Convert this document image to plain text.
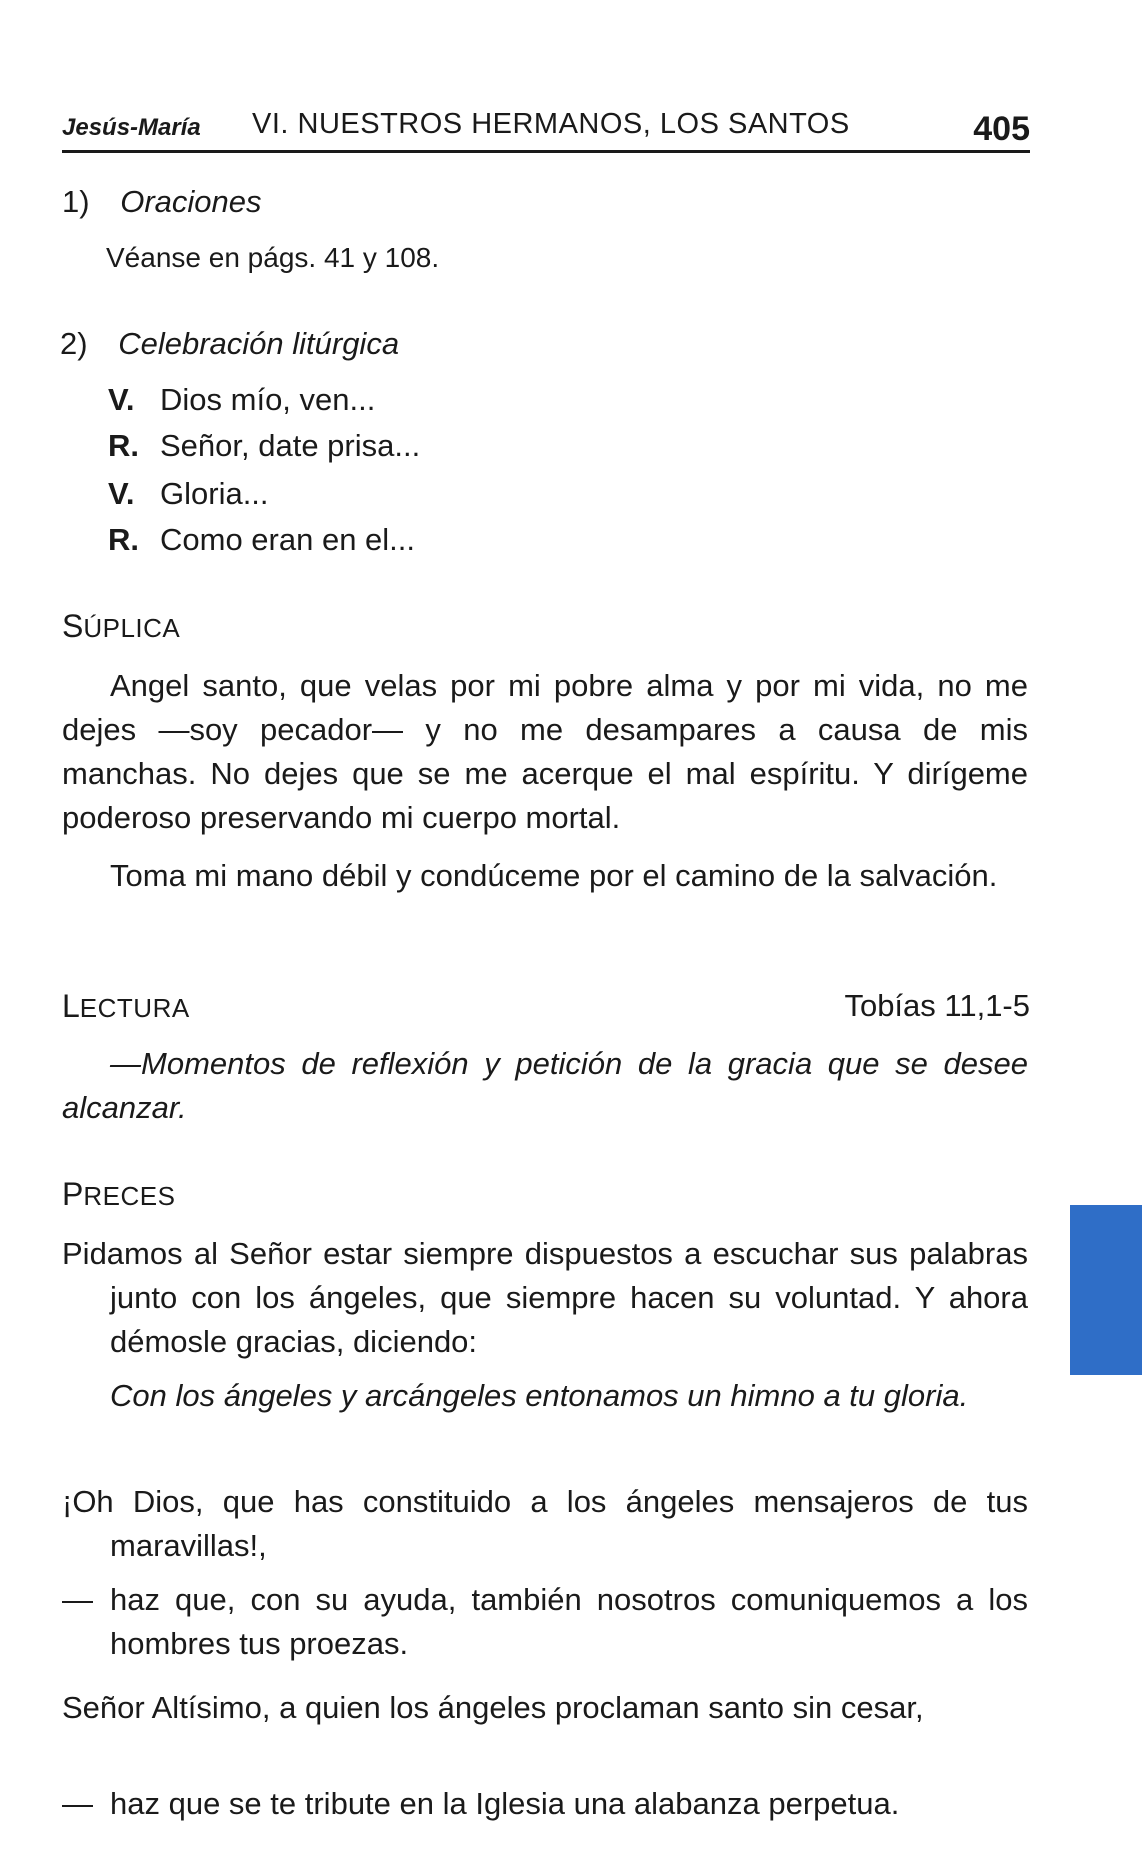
Jesús-María VI. NUESTROS HERMANOS, LOS SANTOS	405
1) Oraciones
Véanse en págs. 41 y 108.
2) Celebración litúrgica
V. Dios mío, ven...
R. Señor, date prisa...
V. Gloria...
R. Como eran en el...
SÚPLICA
Angel santo, que velas por mi pobre alma y por mi vida, no me dejes —soy pecador— y no me desampares a causa de mis manchas. No dejes que se me acerque el mal espíritu. Y dirígeme poderoso preservando mi cuerpo mortal.
Toma mi mano débil y condúceme por el camino de la salvación.
LECTURA	Tobías 11,1-5
—Momentos de reflexión y petición de la gracia que se desee alcanzar.
PRECES
Pidamos al Señor estar siempre dispuestos a escuchar sus palabras junto con los ángeles, que siempre hacen su voluntad. Y ahora démosle gracias, diciendo:
Con los ángeles y arcángeles entonamos un himno a tu gloria.
¡Oh Dios, que has constituido a los ángeles mensajeros de tus maravillas!,
— haz que, con su ayuda, también nosotros comuniquemos a los hombres tus proezas.
Señor Altísimo, a quien los ángeles proclaman santo sin cesar,
— haz que se te tribute en la Iglesia una alabanza perpetua.
